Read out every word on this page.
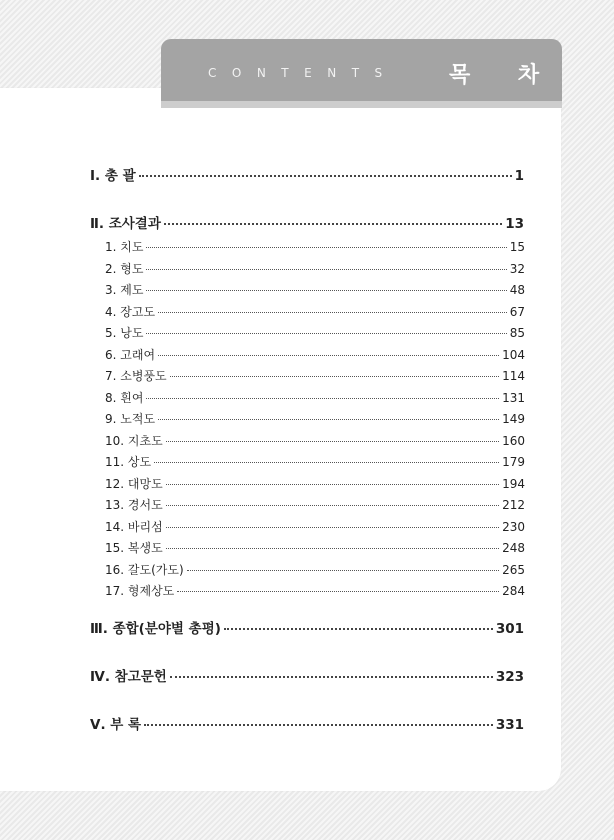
CONTENTS 목 차
Ⅰ. 총 괄	1
Ⅱ. 조사결과	13
1. 치도	15
2. 형도	32
3. 제도	48
4. 장고도	67
5. 낭도	85
6. 고래여	104
7. 소병풍도	114
8. 흰여	131
9. 노적도	149
10. 지초도	160
11. 상도	179
12. 대망도	194
13. 경서도	212
14. 바리섬	230
15. 복생도	248
16. 갈도(가도)	265
17. 형제상도	284
Ⅲ. 종합(분야별 총평)	301
Ⅳ. 참고문헌	323
Ⅴ. 부 록	331
